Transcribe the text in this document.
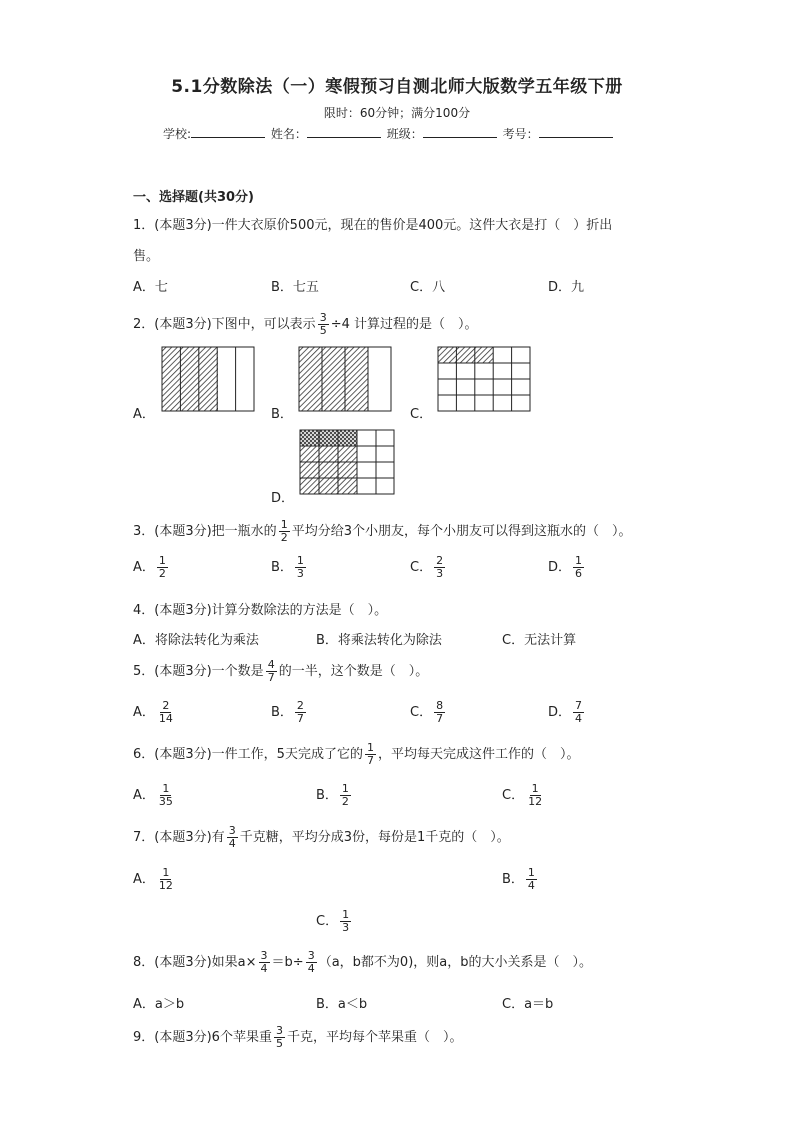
5.1分数除法（一）寒假预习自测北师大版数学五年级下册
限时：60分钟；满分100分
学校:	姓名：	班级：	考号：
一、选择题(共30分)
1．(本题3分)一件大衣原价500元，现在的售价是400元。这件大衣是打（　）折出
售。
A．七	B．七五	C．八	D．九
2．(本题3分)下图中，可以表示 $\frac{3}{5} \div 4$ 计算过程的是（　）。
A．	B．	C．
D．
3．(本题3分)把一瓶水的 $\frac{1}{2}$ 平均分给3个小朋友，每个小朋友可以得到这瓶水的（　）。
A． $\frac{1}{2}$	B． $\frac{1}{3}$	C． $\frac{2}{3}$	D． $\frac{1}{6}$
4．(本题3分)计算分数除法的方法是（　）。
A．将除法转化为乘法	B．将乘法转化为除法	C．无法计算
5．(本题3分)一个数是 $\frac{4}{7}$ 的一半，这个数是（　）。
A． $\frac{2}{14}$	B． $\frac{2}{7}$	C． $\frac{8}{7}$	D． $\frac{7}{4}$
6．(本题3分)一件工作，5天完成了它的 $\frac{1}{7}$ ，平均每天完成这件工作的（　）。
A． $\frac{1}{35}$	B． $\frac{1}{2}$	C． $\frac{1}{12}$
7．(本题3分)有 $\frac{3}{4}$ 千克糖，平均分成3份，每份是1千克的（　）。
A． $\frac{1}{12}$	B． $\frac{1}{4}$
C． $\frac{1}{3}$
8．(本题3分)如果$a\times \frac{3}{4} =b\div \frac{3}{4} (a$，b都不为0)，则a，b的大小关系是（　）。
A．a＞b	B．a＜b	C．a＝b
9．(本题3分)6个苹果重 $\frac{3}{5}$ 千克，平均每个苹果重（　）。
